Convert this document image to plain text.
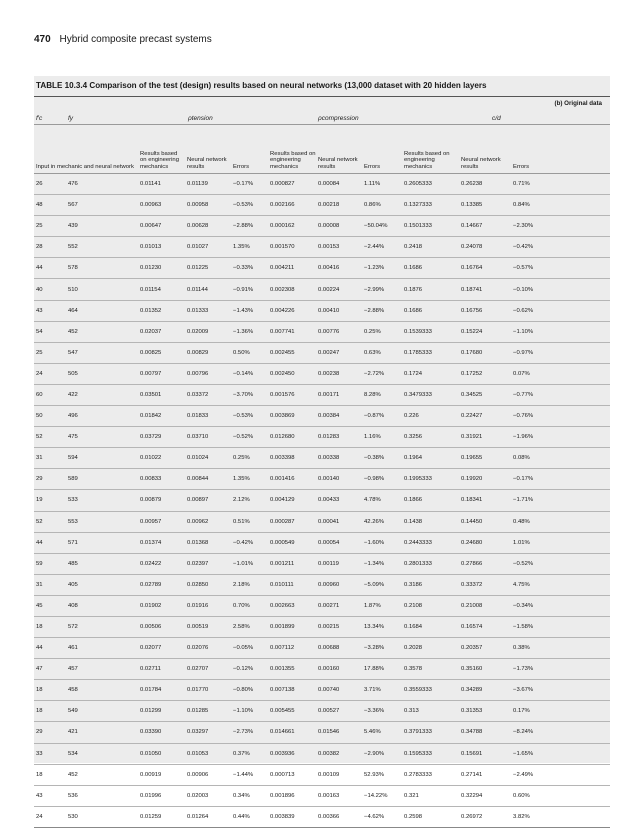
470 Hybrid composite precast systems
TABLE 10.3.4 Comparison of the test (design) results based on neural networks (13,000 dataset with 20 hidden layers
(b) Original data
f′c	fy	ρtension			ρcompression			c/d		
Input in mechanic and neural network		Results based on engineering mechanics	Neural network results	Errors	Results based on engineering mechanics	Neural network results	Errors	Results based on engineering mechanics	Neural network results	Errors
26	476	0.01141	0.01139	−0.17%	0.000827	0.00084	1.11%	0.2605333	0.26238	0.71%
48	567	0.00963	0.00958	−0.53%	0.002166	0.00218	0.86%	0.1327333	0.13385	0.84%
25	439	0.00647	0.00628	−2.88%	0.000162	0.00008	−50.04%	0.1501333	0.14667	−2.30%
28	552	0.01013	0.01027	1.35%	0.001570	0.00153	−2.44%	0.2418	0.24078	−0.42%
44	578	0.01230	0.01225	−0.33%	0.004211	0.00416	−1.23%	0.1686	0.16764	−0.57%
40	510	0.01154	0.01144	−0.91%	0.002308	0.00224	−2.99%	0.1876	0.18741	−0.10%
43	464	0.01352	0.01333	−1.43%	0.004226	0.00410	−2.88%	0.1686	0.16756	−0.62%
54	452	0.02037	0.02009	−1.36%	0.007741	0.00776	0.25%	0.1539333	0.15224	−1.10%
25	547	0.00825	0.00829	0.50%	0.002455	0.00247	0.63%	0.1785333	0.17680	−0.97%
24	505	0.00797	0.00796	−0.14%	0.002450	0.00238	−2.72%	0.1724	0.17252	0.07%
60	422	0.03501	0.03372	−3.70%	0.001576	0.00171	8.28%	0.3479333	0.34525	−0.77%
50	496	0.01842	0.01833	−0.53%	0.003869	0.00384	−0.87%	0.226	0.22427	−0.76%
52	475	0.03729	0.03710	−0.52%	0.012680	0.01283	1.16%	0.3256	0.31921	−1.96%
31	594	0.01022	0.01024	0.25%	0.003398	0.00338	−0.38%	0.1964	0.19655	0.08%
29	589	0.00833	0.00844	1.35%	0.001416	0.00140	−0.98%	0.1995333	0.19920	−0.17%
19	533	0.00879	0.00897	2.12%	0.004129	0.00433	4.78%	0.1866	0.18341	−1.71%
52	553	0.00957	0.00962	0.51%	0.000287	0.00041	42.26%	0.1438	0.14450	0.48%
44	571	0.01374	0.01368	−0.42%	0.000549	0.00054	−1.60%	0.2443333	0.24680	1.01%
59	485	0.02422	0.02397	−1.01%	0.001211	0.00119	−1.34%	0.2801333	0.27866	−0.52%
31	405	0.02789	0.02850	2.18%	0.010111	0.00960	−5.09%	0.3186	0.33372	4.75%
45	408	0.01902	0.01916	0.70%	0.002663	0.00271	1.87%	0.2108	0.21008	−0.34%
18	572	0.00506	0.00519	2.58%	0.001899	0.00215	13.34%	0.1684	0.16574	−1.58%
44	461	0.02077	0.02076	−0.05%	0.007112	0.00688	−3.28%	0.2028	0.20357	0.38%
47	457	0.02711	0.02707	−0.12%	0.001355	0.00160	17.88%	0.3578	0.35160	−1.73%
18	458	0.01784	0.01770	−0.80%	0.007138	0.00740	3.71%	0.3559333	0.34289	−3.67%
18	549	0.01299	0.01285	−1.10%	0.005455	0.00527	−3.36%	0.313	0.31353	0.17%
29	421	0.03390	0.03297	−2.73%	0.014661	0.01546	5.46%	0.3791333	0.34788	−8.24%
33	534	0.01050	0.01053	0.37%	0.003936	0.00382	−2.90%	0.1595333	0.15691	−1.65%
18	452	0.00919	0.00906	−1.44%	0.000713	0.00109	52.93%	0.2783333	0.27141	−2.49%
43	536	0.01996	0.02003	0.34%	0.001896	0.00163	−14.22%	0.321	0.32294	0.60%
24	530	0.01259	0.01264	0.44%	0.003839	0.00366	−4.62%	0.2598	0.26972	3.82%
